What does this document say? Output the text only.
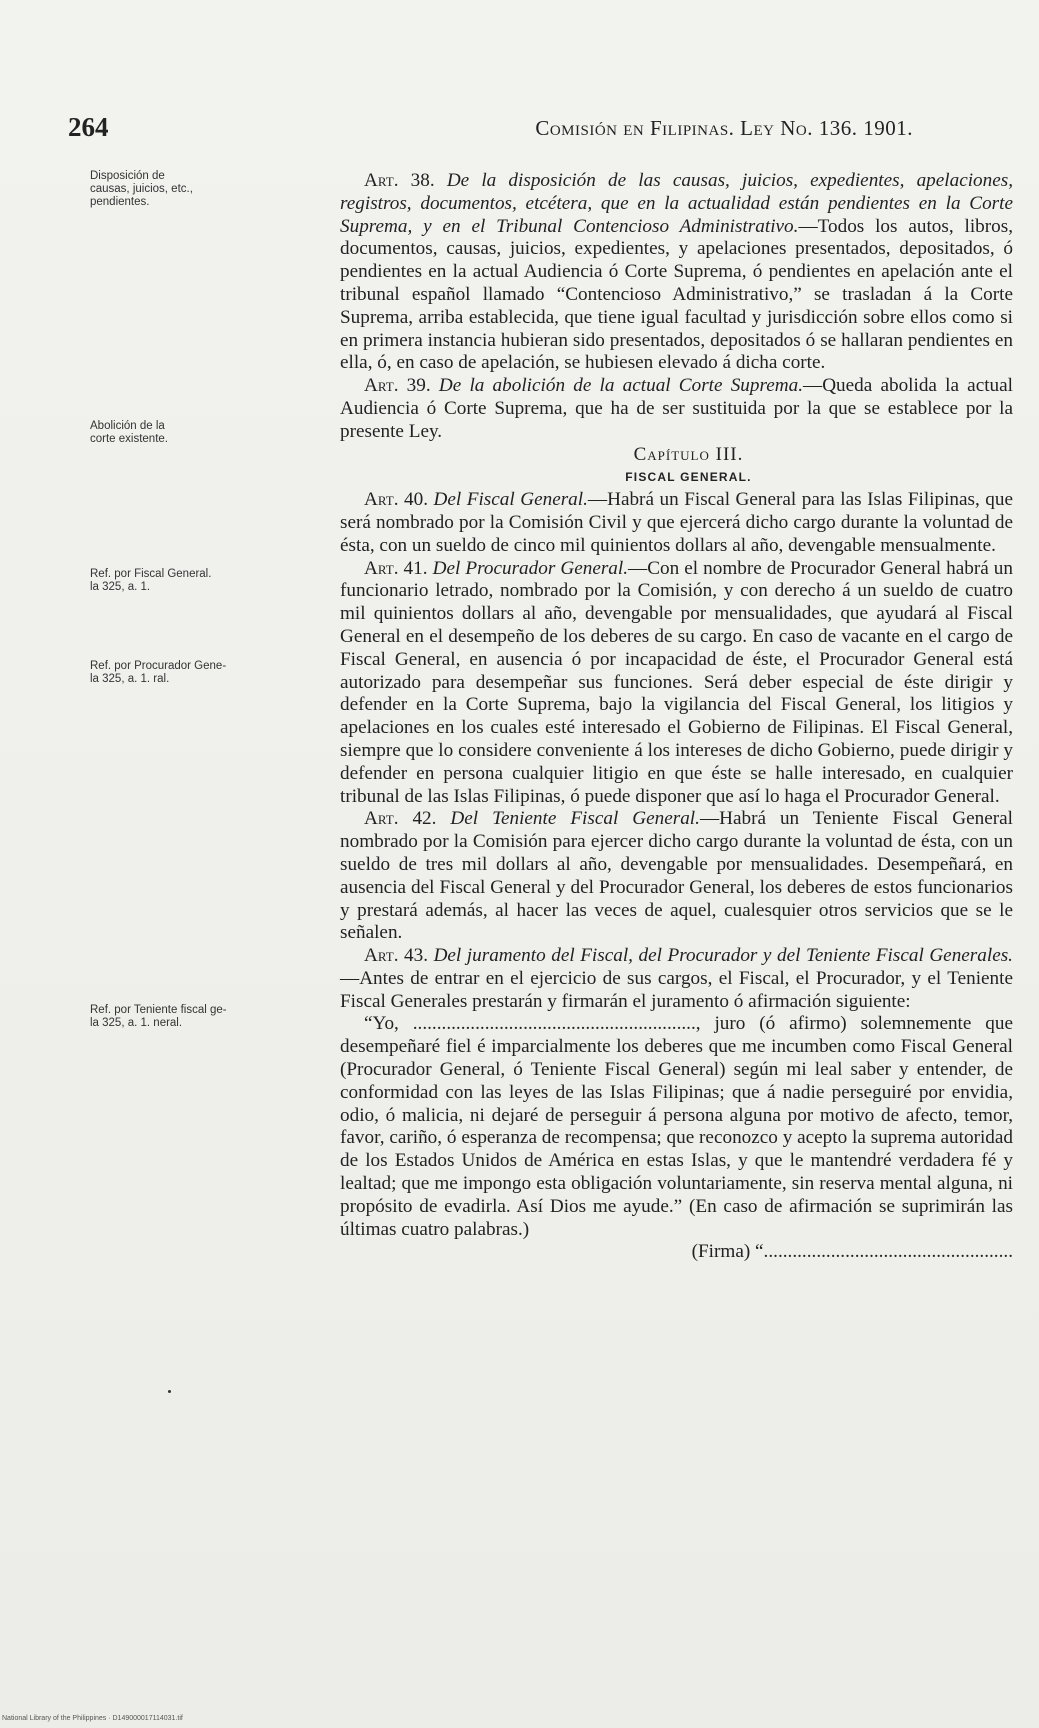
264	Comisión en Filipinas. Ley No. 136. 1901.
Disposición de
causas, juicios, etc.,
pendientes.
Abolición de la
corte existente.
Ref. por Fiscal General.
la 325, a. 1.
Ref. por Procurador Gene-
la 325, a. 1. ral.
Ref. por Teniente fiscal ge-
la 325, a. 1. neral.

Art. 38. De la disposición de las causas, juicios, expedientes, apelaciones, registros, documentos, etcétera, que en la actualidad están pendientes en la Corte Suprema, y en el Tribunal Contencioso Administrativo.—Todos los autos, libros, documentos, causas, juicios, expedientes, y apelaciones presentados, depositados, ó pendientes en la actual Audiencia ó Corte Suprema, ó pendientes en apelación ante el tribunal español llamado “Contencioso Administrativo,” se trasladan á la Corte Suprema, arriba establecida, que tiene igual facultad y jurisdicción sobre ellos como si en primera instancia hubieran sido presentados, depositados ó se hallaran pendientes en ella, ó, en caso de apelación, se hubiesen elevado á dicha corte.

Art. 39. De la abolición de la actual Corte Suprema.—Queda abolida la actual Audiencia ó Corte Suprema, que ha de ser sustituida por la que se establece por la presente Ley.

Capítulo III.

FISCAL GENERAL.

Art. 40. Del Fiscal General.—Habrá un Fiscal General para las Islas Filipinas, que será nombrado por la Comisión Civil y que ejercerá dicho cargo durante la voluntad de ésta, con un sueldo de cinco mil quinientos dollars al año, devengable mensualmente.

Art. 41. Del Procurador General.—Con el nombre de Procurador General habrá un funcionario letrado, nombrado por la Comisión, y con derecho á un sueldo de cuatro mil quinientos dollars al año, devengable por mensualidades, que ayudará al Fiscal General en el desempeño de los deberes de su cargo. En caso de vacante en el cargo de Fiscal General, en ausencia ó por incapacidad de éste, el Procurador General está autorizado para desempeñar sus funciones. Será deber especial de éste dirigir y defender en la Corte Suprema, bajo la vigilancia del Fiscal General, los litigios y apelaciones en los cuales esté interesado el Gobierno de Filipinas. El Fiscal General, siempre que lo considere conveniente á los intereses de dicho Gobierno, puede dirigir y defender en persona cualquier litigio en que éste se halle interesado, en cualquier tribunal de las Islas Filipinas, ó puede disponer que así lo haga el Procurador General.

Art. 42. Del Teniente Fiscal General.—Habrá un Teniente Fiscal General nombrado por la Comisión para ejercer dicho cargo durante la voluntad de ésta, con un sueldo de tres mil dollars al año, devengable por mensualidades. Desempeñará, en ausencia del Fiscal General y del Procurador General, los deberes de estos funcionarios y prestará además, al hacer las veces de aquel, cualesquier otros servicios que se le señalen.

Art. 43. Del juramento del Fiscal, del Procurador y del Teniente Fiscal Generales.—Antes de entrar en el ejercicio de sus cargos, el Fiscal, el Procurador, y el Teniente Fiscal Generales prestarán y firmarán el juramento ó afirmación siguiente:

“Yo, ..........................................................., juro (ó afirmo) solemnemente que desempeñaré fiel é imparcialmente los deberes que me incumben como Fiscal General (Procurador General, ó Teniente Fiscal General) según mi leal saber y entender, de conformidad con las leyes de las Islas Filipinas; que á nadie perseguiré por envidia, odio, ó malicia, ni dejaré de perseguir á persona alguna por motivo de afecto, temor, favor, cariño, ó esperanza de recompensa; que reconozco y acepto la suprema autoridad de los Estados Unidos de América en estas Islas, y que le mantendré verdadera fé y lealtad; que me impongo esta obligación voluntariamente, sin reserva mental alguna, ni propósito de evadirla. Así Dios me ayude.” (En caso de afirmación se suprimirán las últimas cuatro palabras.)

(Firma) “....................................................

National Library of the Philippines · D149000017114031.tif
